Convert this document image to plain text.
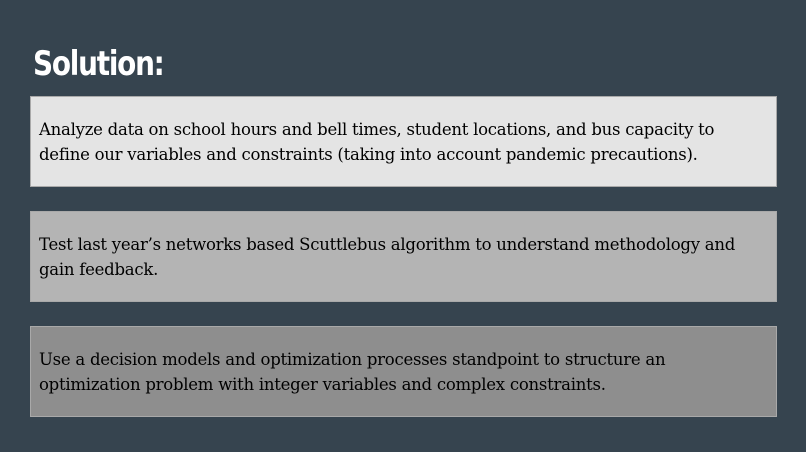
Solution:

Analyze data on school hours and bell times, student locations, and bus capacity to define our variables and constraints (taking into account pandemic precautions).

Test last year’s networks based Scuttlebus algorithm to understand methodology and gain feedback.

Use a decision models and optimization processes standpoint to structure an optimization problem with integer variables and complex constraints.
